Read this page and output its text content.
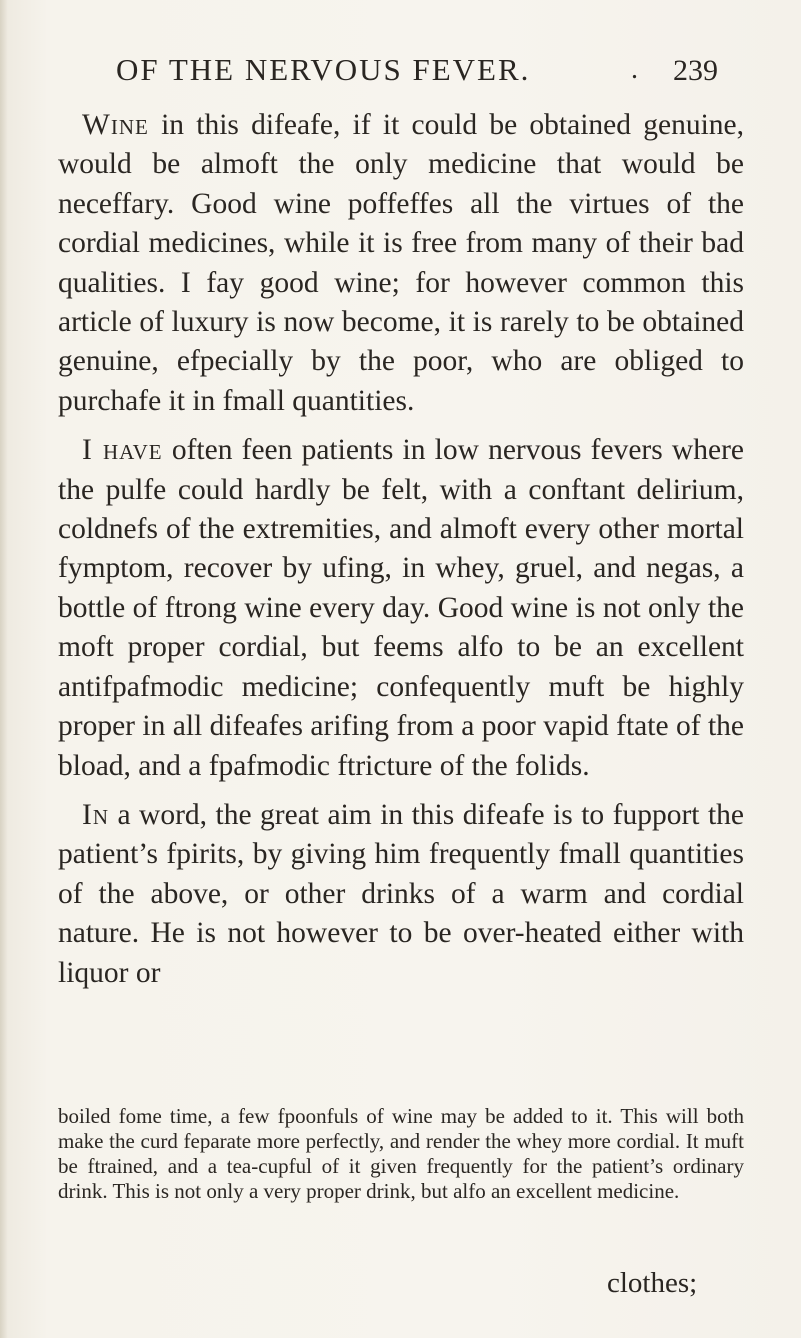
OF THE NERVOUS FEVER.	. 239

Wine in this difeafe, if it could be obtained genuine, would be almoft the only medicine that would be neceffary. Good wine poffeffes all the virtues of the cordial medicines, while it is free from many of their bad qualities. I fay good wine; for however common this article of luxury is now become, it is rarely to be obtained genuine, efpecially by the poor, who are obliged to purchafe it in fmall quantities.

I have often feen patients in low nervous fevers where the pulfe could hardly be felt, with a conftant delirium, coldnefs of the extremities, and almoft every other mortal fymptom, recover by ufing, in whey, gruel, and negas, a bottle of ftrong wine every day. Good wine is not only the moft proper cordial, but feems alfo to be an excellent antifpafmodic medicine; confequently muft be highly proper in all difeafes arifing from a poor vapid ftate of the bload, and a fpafmodic ftricture of the folids.

In a word, the great aim in this difeafe is to fupport the patient’s fpirits, by giving him frequently fmall quantities of the above, or other drinks of a warm and cordial nature. He is not however to be over-heated either with liquor or

boiled fome time, a few fpoonfuls of wine may be added to it. This will both make the curd feparate more perfectly, and render the whey more cordial. It muft be ftrained, and a tea-cupful of it given frequently for the patient’s ordinary drink. This is not only a very proper drink, but alfo an excellent medicine.
clothes;
